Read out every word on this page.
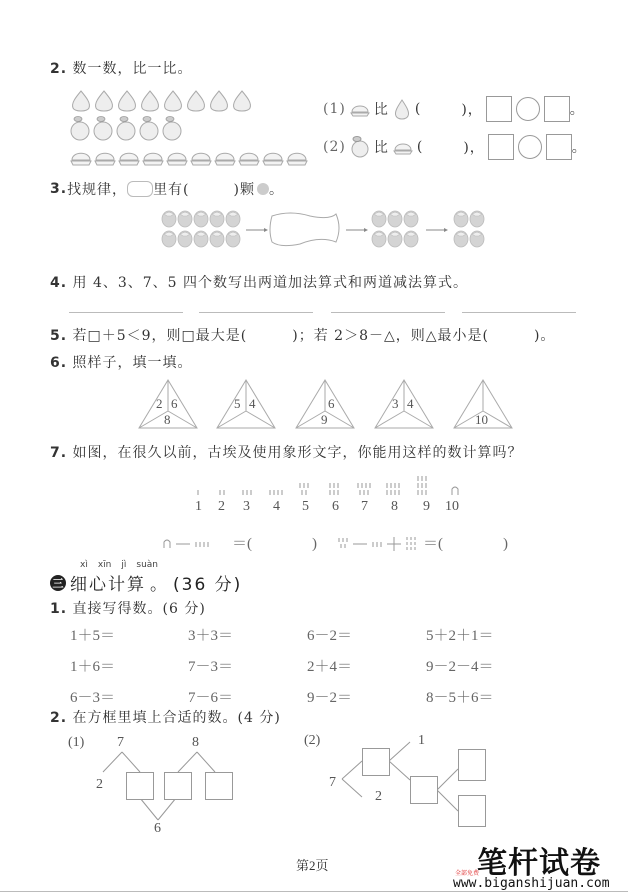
2. 数一数，比一比。
(1) 比 (	)，	。
(2) 比 (	)，	。
3. 找规律， 里有(	)颗 。
4. 用 4、3、7、5 四个数写出两道加法算式和两道减法算式。
5. 若□＋5＜9，则□最大是(　　　)；若 2＞8－△，则△最小是(　　　)。
6. 照样子，填一填。
2 6
8
5 4	6
9
3 4
10
7. 如图，在很久以前，古埃及使用象形文字，你能用这样的数计算吗？
1 2 3 4 5 6 7 8 9 10
＝(　　　　)	＝(　　　　)
xì xīn jì suàn
三 细心计算 。 (36 分)
1. 直接写得数。(6 分)
1＋5＝	3＋3＝	6－2＝	5＋2＋1＝
1＋6＝	7－3＝	2＋4＝	9－2－4＝
6－3＝	7－6＝	9－2＝	8－5＋6＝
2. 在方框里填上合适的数。(4 分)
(1) 7	8
2
6
(2)
7
1
2
第2页
全部免费
笔杆试卷
www.biganshijuan.com
